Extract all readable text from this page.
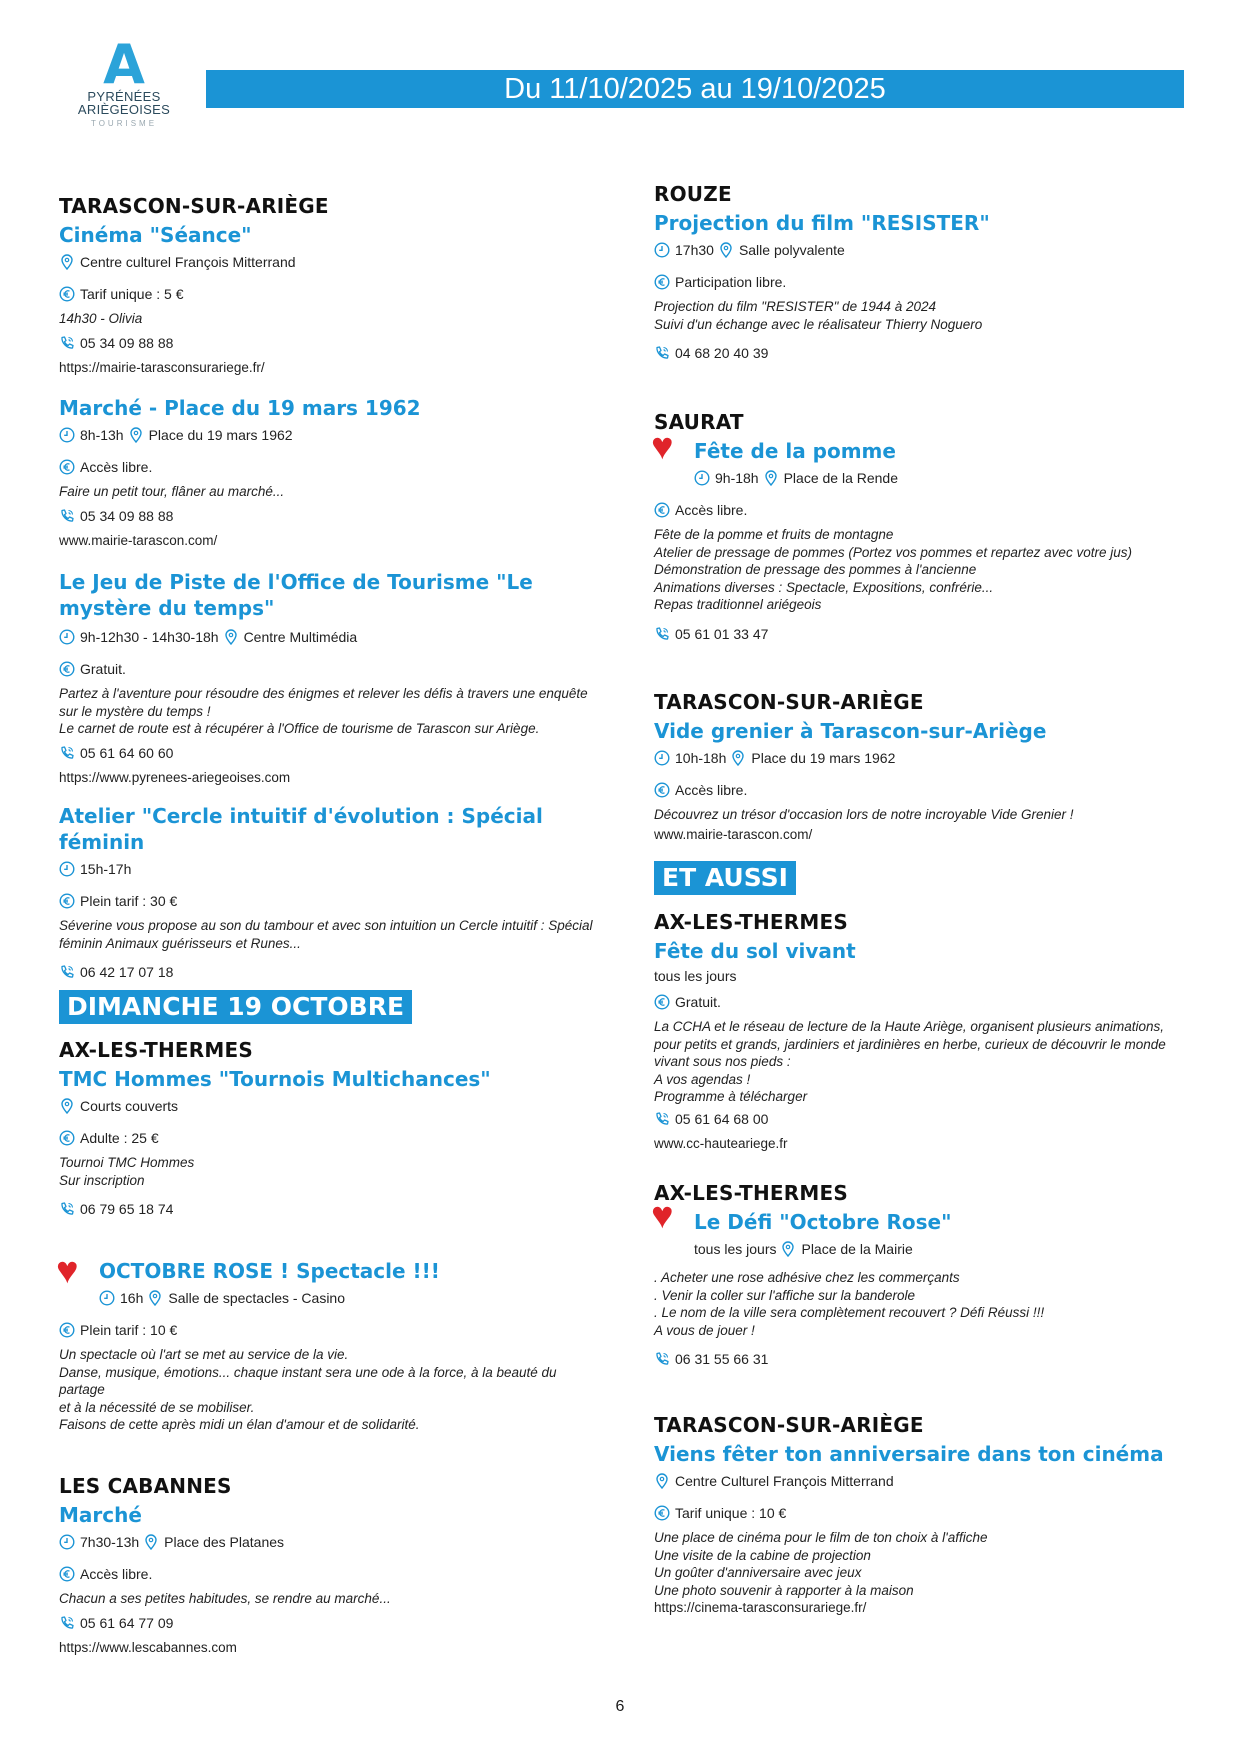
A
PYRÉNÉES
ARIÈGEOISES
TOURISME
Du 11/10/2025 au 19/10/2025
TARASCON-SUR-ARIÈGE
Cinéma "Séance"
Centre culturel François Mitterrand
Tarif unique : 5 €
14h30 - Olivia
05 34 09 88 88
https://mairie-tarasconsurariege.fr/
Marché - Place du 19 mars 1962
8h-13h Place du 19 mars 1962
Accès libre.
Faire un petit tour, flâner au marché...
05 34 09 88 88
www.mairie-tarascon.com/
Le Jeu de Piste de l'Office de Tourisme "Le mystère du temps"
9h-12h30 - 14h30-18h Centre Multimédia
Gratuit.
Partez à l'aventure pour résoudre des énigmes et relever les défis à travers une enquête
sur le mystère du temps !
Le carnet de route est à récupérer à l'Office de tourisme de Tarascon sur Ariège.
05 61 64 60 60
https://www.pyrenees-ariegeoises.com
Atelier "Cercle intuitif d'évolution : Spécial féminin
15h-17h
Plein tarif : 30 €
Séverine vous propose au son du tambour et avec son intuition un Cercle intuitif : Spécial
féminin Animaux guérisseurs et Runes...
06 42 17 07 18
DIMANCHE 19 OCTOBRE
AX-LES-THERMES
TMC Hommes "Tournois Multichances"
Courts couverts
Adulte : 25 €
Tournoi TMC Hommes
Sur inscription
06 79 65 18 74
♥ OCTOBRE ROSE ! Spectacle !!!
16h Salle de spectacles - Casino
Plein tarif : 10 €
Un spectacle où l'art se met au service de la vie.
Danse, musique, émotions... chaque instant sera une ode à la force, à la beauté du partage
et à la nécessité de se mobiliser.
Faisons de cette après midi un élan d'amour et de solidarité.
LES CABANNES
Marché
7h30-13h Place des Platanes
Accès libre.
Chacun a ses petites habitudes, se rendre au marché...
05 61 64 77 09
https://www.lescabannes.com
ROUZE
Projection du film "RESISTER"
17h30 Salle polyvalente
Participation libre.
Projection du film "RESISTER" de 1944 à 2024
Suivi d'un échange avec le réalisateur Thierry Noguero
04 68 20 40 39
SAURAT
♥ Fête de la pomme
9h-18h Place de la Rende
Accès libre.
Fête de la pomme et fruits de montagne
Atelier de pressage de pommes (Portez vos pommes et repartez avec votre jus)
Démonstration de pressage des pommes à l'ancienne
Animations diverses : Spectacle, Expositions, confrérie...
Repas traditionnel ariégeois
05 61 01 33 47
TARASCON-SUR-ARIÈGE
Vide grenier à Tarascon-sur-Ariège
10h-18h Place du 19 mars 1962
Accès libre.
Découvrez un trésor d'occasion lors de notre incroyable Vide Grenier !
www.mairie-tarascon.com/
ET AUSSI
AX-LES-THERMES
Fête du sol vivant
tous les jours
Gratuit.
La CCHA et le réseau de lecture de la Haute Ariège, organisent plusieurs animations,
pour petits et grands, jardiniers et jardinières en herbe, curieux de découvrir le monde
vivant sous nos pieds :
A vos agendas !
Programme à télécharger
05 61 64 68 00
www.cc-hauteariege.fr
AX-LES-THERMES
♥ Le Défi "Octobre Rose"
tous les jours Place de la Mairie
. Acheter une rose adhésive chez les commerçants
. Venir la coller sur l'affiche sur la banderole
. Le nom de la ville sera complètement recouvert ? Défi Réussi !!!
A vous de jouer !
06 31 55 66 31
TARASCON-SUR-ARIÈGE
Viens fêter ton anniversaire dans ton cinéma
Centre Culturel François Mitterrand
Tarif unique : 10 €
Une place de cinéma pour le film de ton choix à l'affiche
Une visite de la cabine de projection
Un goûter d'anniversaire avec jeux
Une photo souvenir à rapporter à la maison
https://cinema-tarasconsurariege.fr/
6
